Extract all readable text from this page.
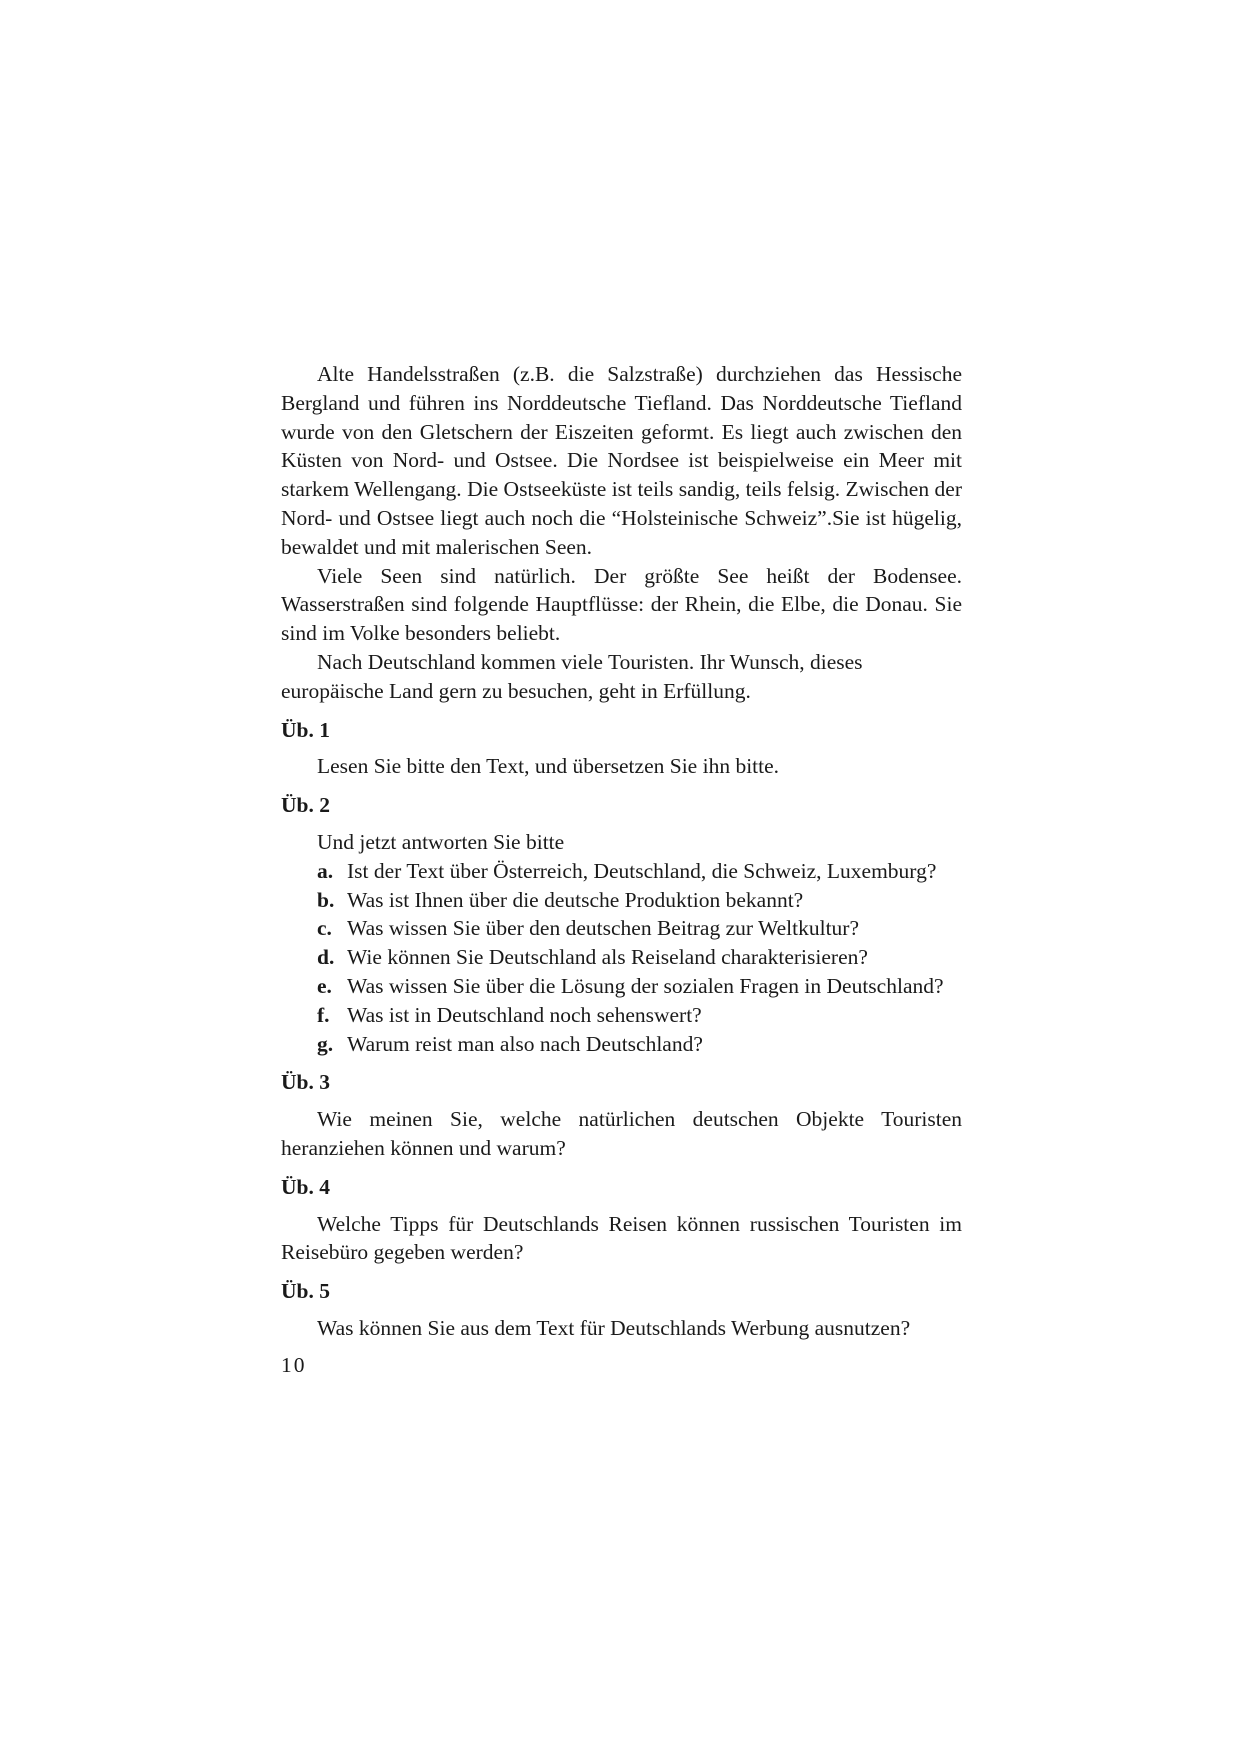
Alte Handelsstraßen (z.B. die Salzstraße) durchziehen das Hessische Bergland und führen ins Norddeutsche Tiefland. Das Norddeutsche Tiefland wurde von den Gletschern der Eiszeiten geformt. Es liegt auch zwischen den Küsten von Nord- und Ostsee. Die Nordsee ist beispielweise ein Meer mit starkem Wellengang. Die Ostseeküste ist teils sandig, teils felsig. Zwischen der Nord- und Ostsee liegt auch noch die “Holsteinische Schweiz”.Sie ist hügelig, bewaldet und mit malerischen Seen.

Viele Seen sind natürlich. Der größte See heißt der Bodensee. Wasserstraßen sind folgende Hauptflüsse: der Rhein, die Elbe, die Donau. Sie sind im Volke besonders beliebt.

Nach Deutschland kommen viele Touristen. Ihr Wunsch, dieses europäische Land gern zu besuchen, geht in Erfüllung.

Üb. 1

Lesen Sie bitte den Text, und übersetzen Sie ihn bitte.

Üb. 2

Und jetzt antworten Sie bitte

a. Ist der Text über Österreich, Deutschland, die Schweiz, Luxemburg?
b. Was ist Ihnen über die deutsche Produktion bekannt?
c. Was wissen Sie über den deutschen Beitrag zur Weltkultur?
d. Wie können Sie Deutschland als Reiseland charakterisieren?
e. Was wissen Sie über die Lösung der sozialen Fragen in Deutschland?
f. Was ist in Deutschland noch sehenswert?
g. Warum reist man also nach Deutschland?
Üb. 3

Wie meinen Sie, welche natürlichen deutschen Objekte Touristen heranziehen können und warum?

Üb. 4

Welche Tipps für Deutschlands Reisen können russischen Touristen im Reisebüro gegeben werden?

Üb. 5

Was können Sie aus dem Text für Deutschlands Werbung ausnutzen?

10
